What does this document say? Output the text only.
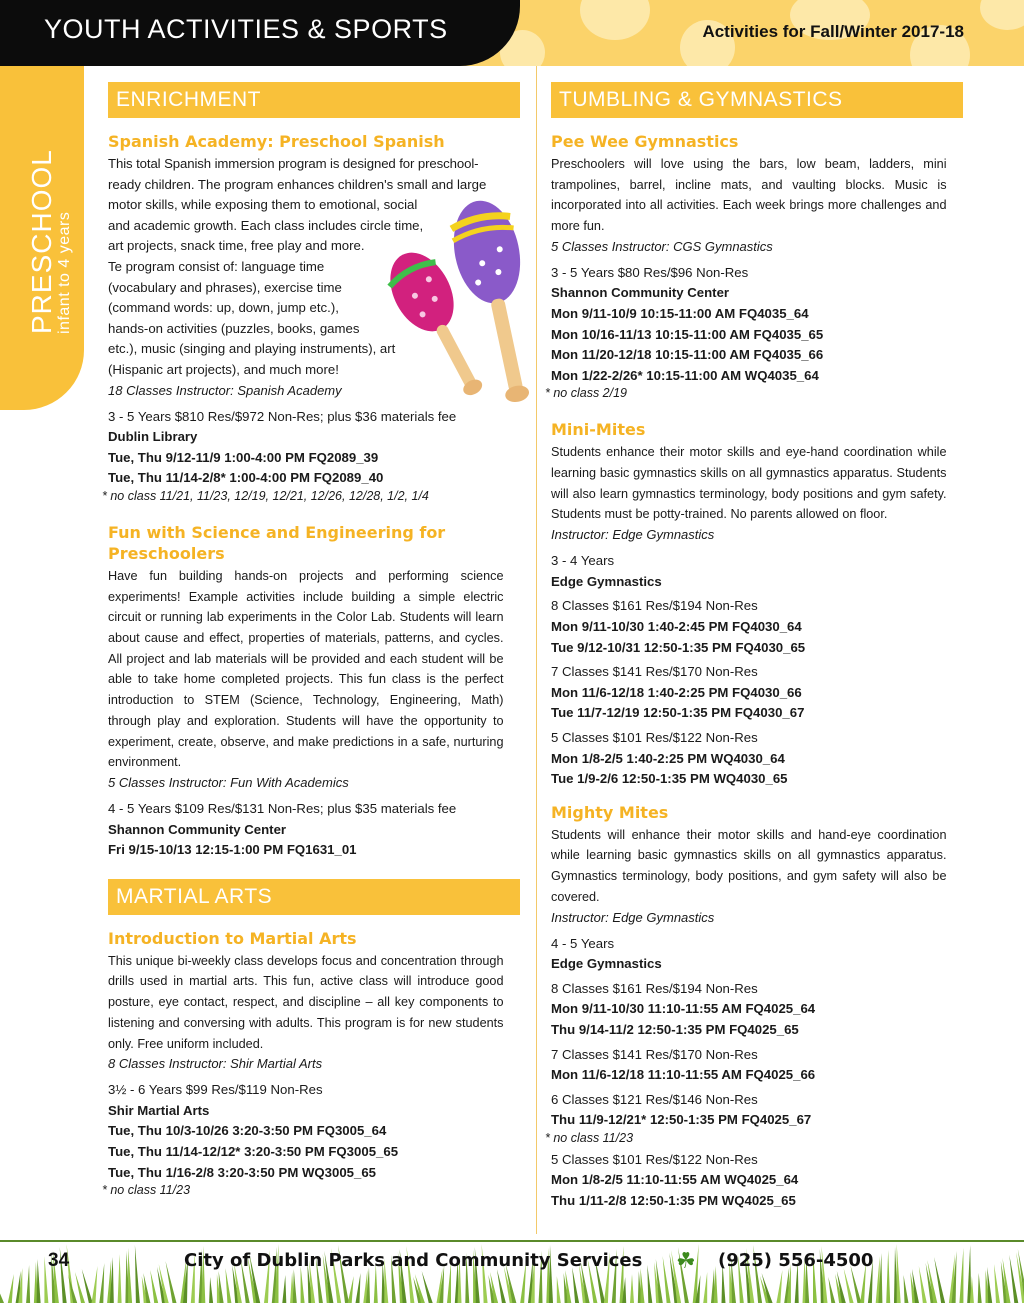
YOUTH ACTIVITIES & SPORTS	Activities for Fall/Winter 2017-18
PRESCHOOL infant to 4 years
ENRICHMENT
Spanish Academy: Preschool Spanish

This total Spanish immersion program is designed for preschool-

ready children. The program enhances children's small and large

motor skills, while exposing them to emotional, social

and academic growth. Each class includes circle time,

art projects, snack time, free play and more.

Te program consist of: language time

(vocabulary and phrases), exercise time

(command words: up, down, jump etc.),

hands-on activities (puzzles, books, games

etc.), music (singing and playing instruments), art

(Hispanic art projects), and much more!

18 Classes Instructor: Spanish Academy

3 - 5 Years $810 Res/$972 Non-Res; plus $36 materials fee

Dublin Library

Tue, Thu 9/12-11/9 1:00-4:00 PM FQ2089_39

Tue, Thu 11/14-2/8* 1:00-4:00 PM FQ2089_40

* no class 11/21, 11/23, 12/19, 12/21, 12/26, 12/28, 1/2, 1/4

Fun with Science and Engineering for
Preschoolers

Have fun building hands-on projects and performing science experiments! Example activities include building a simple electric circuit or running lab experiments in the Color Lab. Students will learn about cause and effect, properties of materials, patterns, and cycles. All project and lab materials will be provided and each student will be able to take home completed projects. This fun class is the perfect introduction to STEM (Science, Technology, Engineering, Math) through play and exploration. Students will have the opportunity to experiment, create, observe, and make predictions in a safe, nurturing environment.

5 Classes Instructor: Fun With Academics

4 - 5 Years $109 Res/$131 Non-Res; plus $35 materials fee

Shannon Community Center

Fri 9/15-10/13 12:15-1:00 PM FQ1631_01

MARTIAL ARTS
Introduction to Martial Arts

This unique bi-weekly class develops focus and concentration through drills used in martial arts. This fun, active class will introduce good posture, eye contact, respect, and discipline – all key components to listening and conversing with adults. This program is for new students only. Free uniform included.

8 Classes Instructor: Shir Martial Arts

3½ - 6 Years $99 Res/$119 Non-Res

Shir Martial Arts

Tue, Thu 10/3-10/26 3:20-3:50 PM FQ3005_64

Tue, Thu 11/14-12/12* 3:20-3:50 PM FQ3005_65

Tue, Thu 1/16-2/8 3:20-3:50 PM WQ3005_65

* no class 11/23

TUMBLING & GYMNASTICS
Pee Wee Gymnastics

Preschoolers will love using the bars, low beam, ladders, mini trampolines, barrel, incline mats, and vaulting blocks. Music is incorporated into all activities. Each week brings more challenges and more fun.

5 Classes Instructor: CGS Gymnastics

3 - 5 Years $80 Res/$96 Non-Res

Shannon Community Center

Mon 9/11-10/9 10:15-11:00 AM FQ4035_64

Mon 10/16-11/13 10:15-11:00 AM FQ4035_65

Mon 11/20-12/18 10:15-11:00 AM FQ4035_66

Mon 1/22-2/26* 10:15-11:00 AM WQ4035_64

* no class 2/19

Mini-Mites

Students enhance their motor skills and eye-hand coordination while learning basic gymnastics skills on all gymnastics apparatus. Students will also learn gymnastics terminology, body positions and gym safety. Students must be potty-trained. No parents allowed on floor.

Instructor: Edge Gymnastics

3 - 4 Years

Edge Gymnastics

8 Classes $161 Res/$194 Non-Res

Mon 9/11-10/30 1:40-2:45 PM FQ4030_64

Tue 9/12-10/31 12:50-1:35 PM FQ4030_65

7 Classes $141 Res/$170 Non-Res

Mon 11/6-12/18 1:40-2:25 PM FQ4030_66

Tue 11/7-12/19 12:50-1:35 PM FQ4030_67

5 Classes $101 Res/$122 Non-Res

Mon 1/8-2/5 1:40-2:25 PM WQ4030_64

Tue 1/9-2/6 12:50-1:35 PM WQ4030_65

Mighty Mites

Students will enhance their motor skills and hand-eye coordination while learning basic gymnastics skills on all gymnastics apparatus. Gymnastics terminology, body positions, and gym safety will also be covered.

Instructor: Edge Gymnastics

4 - 5 Years

Edge Gymnastics

8 Classes $161 Res/$194 Non-Res

Mon 9/11-10/30 11:10-11:55 AM FQ4025_64

Thu 9/14-11/2 12:50-1:35 PM FQ4025_65

7 Classes $141 Res/$170 Non-Res

Mon 11/6-12/18 11:10-11:55 AM FQ4025_66

6 Classes $121 Res/$146 Non-Res

Thu 11/9-12/21* 12:50-1:35 PM FQ4025_67

* no class 11/23

5 Classes $101 Res/$122 Non-Res

Mon 1/8-2/5 11:10-11:55 AM WQ4025_64

Thu 1/11-2/8 12:50-1:35 PM WQ4025_65

34	City of Dublin Parks and Community Services ☘ (925) 556-4500
